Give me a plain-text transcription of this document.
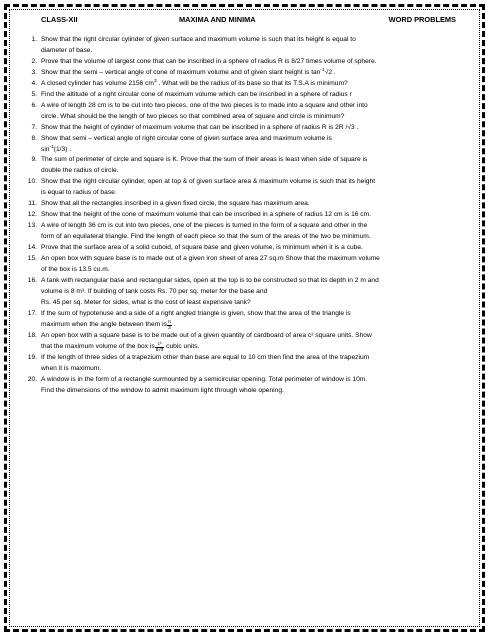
CLASS-XII	MAXIMA AND MINIMA	WORD PROBLEMS
1. Show that the right circular cylinder of given surface and maximum volume is such that its height is equal to
diameter of base.
2. Prove that the volume of largest cone that can be inscribed in a sphere of radius R is 8/27 times volume of sphere.
3. Show that the semi – vertical angle of cone of maximum volume and of given slant height is $\tan^{-1}√2$ .
4. A closed cylinder has volume 2156 $cm^3$ . What will be the radius of its base so that its T.S.A is minimum?
5. Find the altitude of a right circular cone of maximum volume which can be inscribed in a sphere of radius r
6. A wire of length 28 cm is to be cut into two pieces, one of the two pieces is to made into a square and other into
circle. What should be the length of two pieces so that combined area of square and circle is minimum?
7. Show that the height of cylinder of maximum volume that can be inscribed in a sphere of radius R is 2R /√3 .
8. Show that semi – vertical angle of right circular cone of given surface area and maximum volume is
$\sin^{-1}(1/3)$ .
9. The sum of perimeter of circle and square is K. Prove that the sum of their areas is least when side of square is
double the radius of circle.
10. Show that the right circular cylinder, open at top & of given surface area & maximum volume is such that its height
is equal to radius of base.
11. Show that all the rectangles inscribed in a given fixed circle, the square has maximum area.
12. Show that the height of the cone of maximum volume that can be inscribed in a sphere of radius 12 cm is 16 cm.
13. A wire of length 36 cm is cut into two pieces, one of the pieces is turned in the form of a square and other in the
form of an equilateral triangle. Find the length of each piece so that the sum of the areas of the two be minimum.
14. Prove that the surface area of a solid cuboid, of square base and given volume, is minimum when it is a cube.
15. An open box with square base is to made out of a given iron sheet of area 27 sq.m Show that the maximum volume
of the box is 13.5 cu.m.
16. A tank with rectangular base and rectangular sides, open at the top is to be constructed so that its depth in 2 m and
volume is 8 m³. If building of tank costs Rs. 70 per sq. meter for the base and
Rs. 45 per sq. Meter for sides, what is the cost of least expensive tank?
17. If the sum of hypotenuse and a side of a right angled triangle is given, show that the area of the triangle is
maximum when the angle between them is $\frac{\pi}{3}$ .
18. An open box with a square base is to be made out of a given quantity of cardboard of area c² square units. Show
that the maximum volume of the box is $\frac{\text{c³}}{6√3}$ cubic units.
19. If the length of three sides of a trapezium other than base are equal to 10 cm then find the area of the trapezium
when it is maximum.
20. A window is in the form of a rectangle surmounted by a semicircular opening. Total perimeter of window is 10m.
Find the dimensions of the window to admit maximum light through whole opening.
